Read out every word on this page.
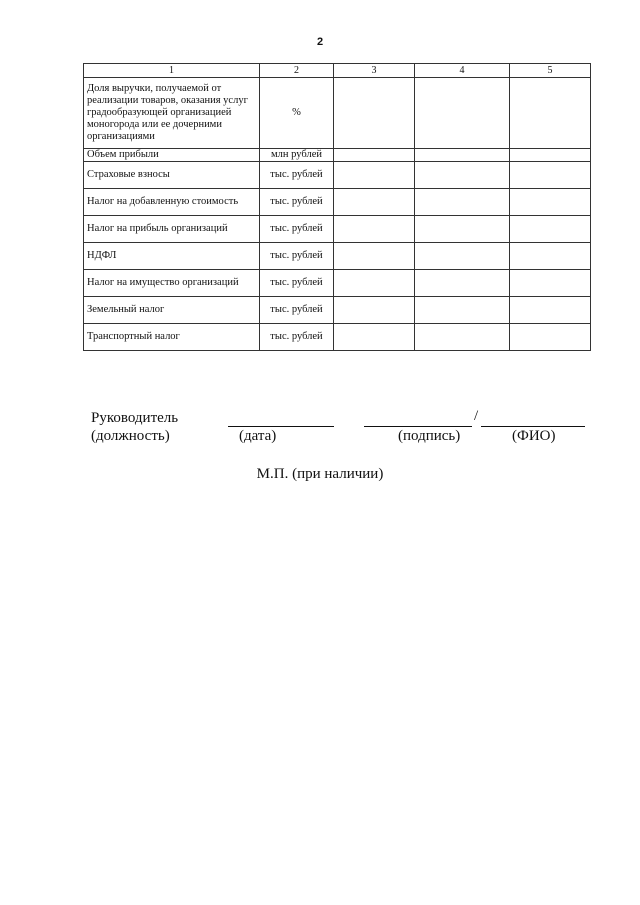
2
1	2	3	4	5
Доля выручки, получаемой от реализации товаров, оказания услуг градообразующей организацией моногорода или ее дочерними организациями	%			
Объем прибыли	млн рублей			
Страховые взносы	тыс. рублей			
Налог на добавленную стоимость	тыс. рублей			
Налог на прибыль организаций	тыс. рублей			
НДФЛ	тыс. рублей			
Налог на имущество организаций	тыс. рублей			
Земельный налог	тыс. рублей			
Транспортный налог	тыс. рублей			
Руководитель
(должность)	(дата)
/
(подпись)	(ФИО)
М.П. (при наличии)
